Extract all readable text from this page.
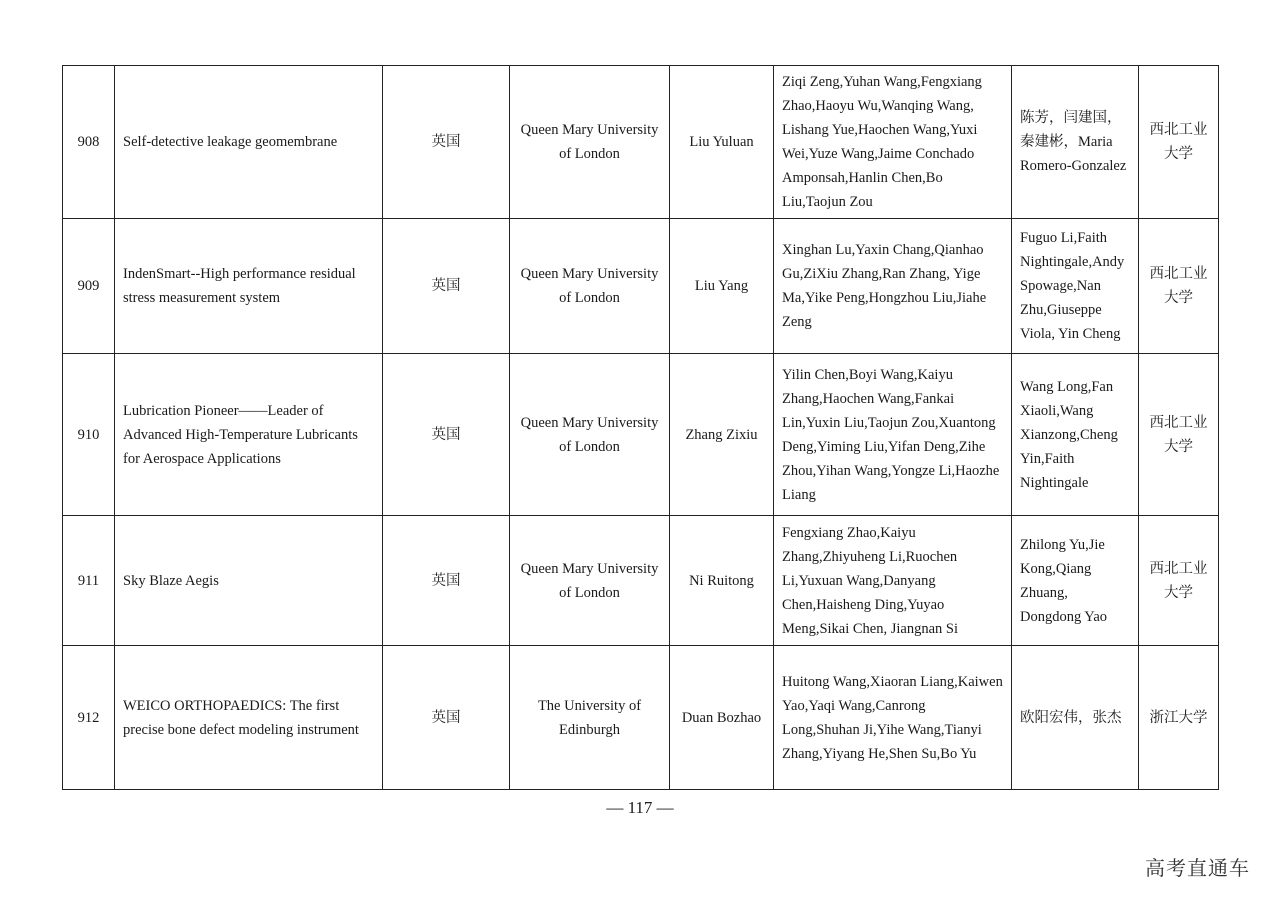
908	Self-detective leakage geomembrane	英国	Queen Mary University of London	Liu Yuluan	Ziqi Zeng,Yuhan Wang,Fengxiang Zhao,Haoyu Wu,Wanqing Wang, Lishang Yue,Haochen Wang,Yuxi Wei,Yuze Wang,Jaime Conchado Amponsah,Hanlin Chen,Bo Liu,Taojun Zou	陈芳，闫建国，秦建彬，Maria Romero-Gonzalez	西北工业大学
909	IndenSmart--High performance residual stress measurement system	英国	Queen Mary University of London	Liu Yang	Xinghan Lu,Yaxin Chang,Qianhao Gu,ZiXiu Zhang,Ran Zhang, Yige Ma,Yike Peng,Hongzhou Liu,Jiahe Zeng	Fuguo Li,Faith Nightingale,Andy Spowage,Nan Zhu,Giuseppe Viola, Yin Cheng	西北工业大学
910	Lubrication Pioneer——Leader of Advanced High-Temperature Lubricants for Aerospace Applications	英国	Queen Mary University of London	Zhang Zixiu	Yilin Chen,Boyi Wang,Kaiyu Zhang,Haochen Wang,Fankai Lin,Yuxin Liu,Taojun Zou,Xuantong Deng,Yiming Liu,Yifan Deng,Zihe Zhou,Yihan Wang,Yongze Li,Haozhe Liang	Wang Long,Fan Xiaoli,Wang Xianzong,Cheng Yin,Faith Nightingale	西北工业大学
911	Sky Blaze Aegis	英国	Queen Mary University of London	Ni Ruitong	Fengxiang Zhao,Kaiyu Zhang,Zhiyuheng Li,Ruochen Li,Yuxuan Wang,Danyang Chen,Haisheng Ding,Yuyao Meng,Sikai Chen, Jiangnan Si	Zhilong Yu,Jie Kong,Qiang Zhuang, Dongdong Yao	西北工业大学
912	WEICO ORTHOPAEDICS: The first precise bone defect modeling instrument	英国	The University of Edinburgh	Duan Bozhao	Huitong Wang,Xiaoran Liang,Kaiwen Yao,Yaqi Wang,Canrong Long,Shuhan Ji,Yihe Wang,Tianyi Zhang,Yiyang He,Shen Su,Bo Yu	欧阳宏伟，张杰	浙江大学
— 117 —
高考直通车
